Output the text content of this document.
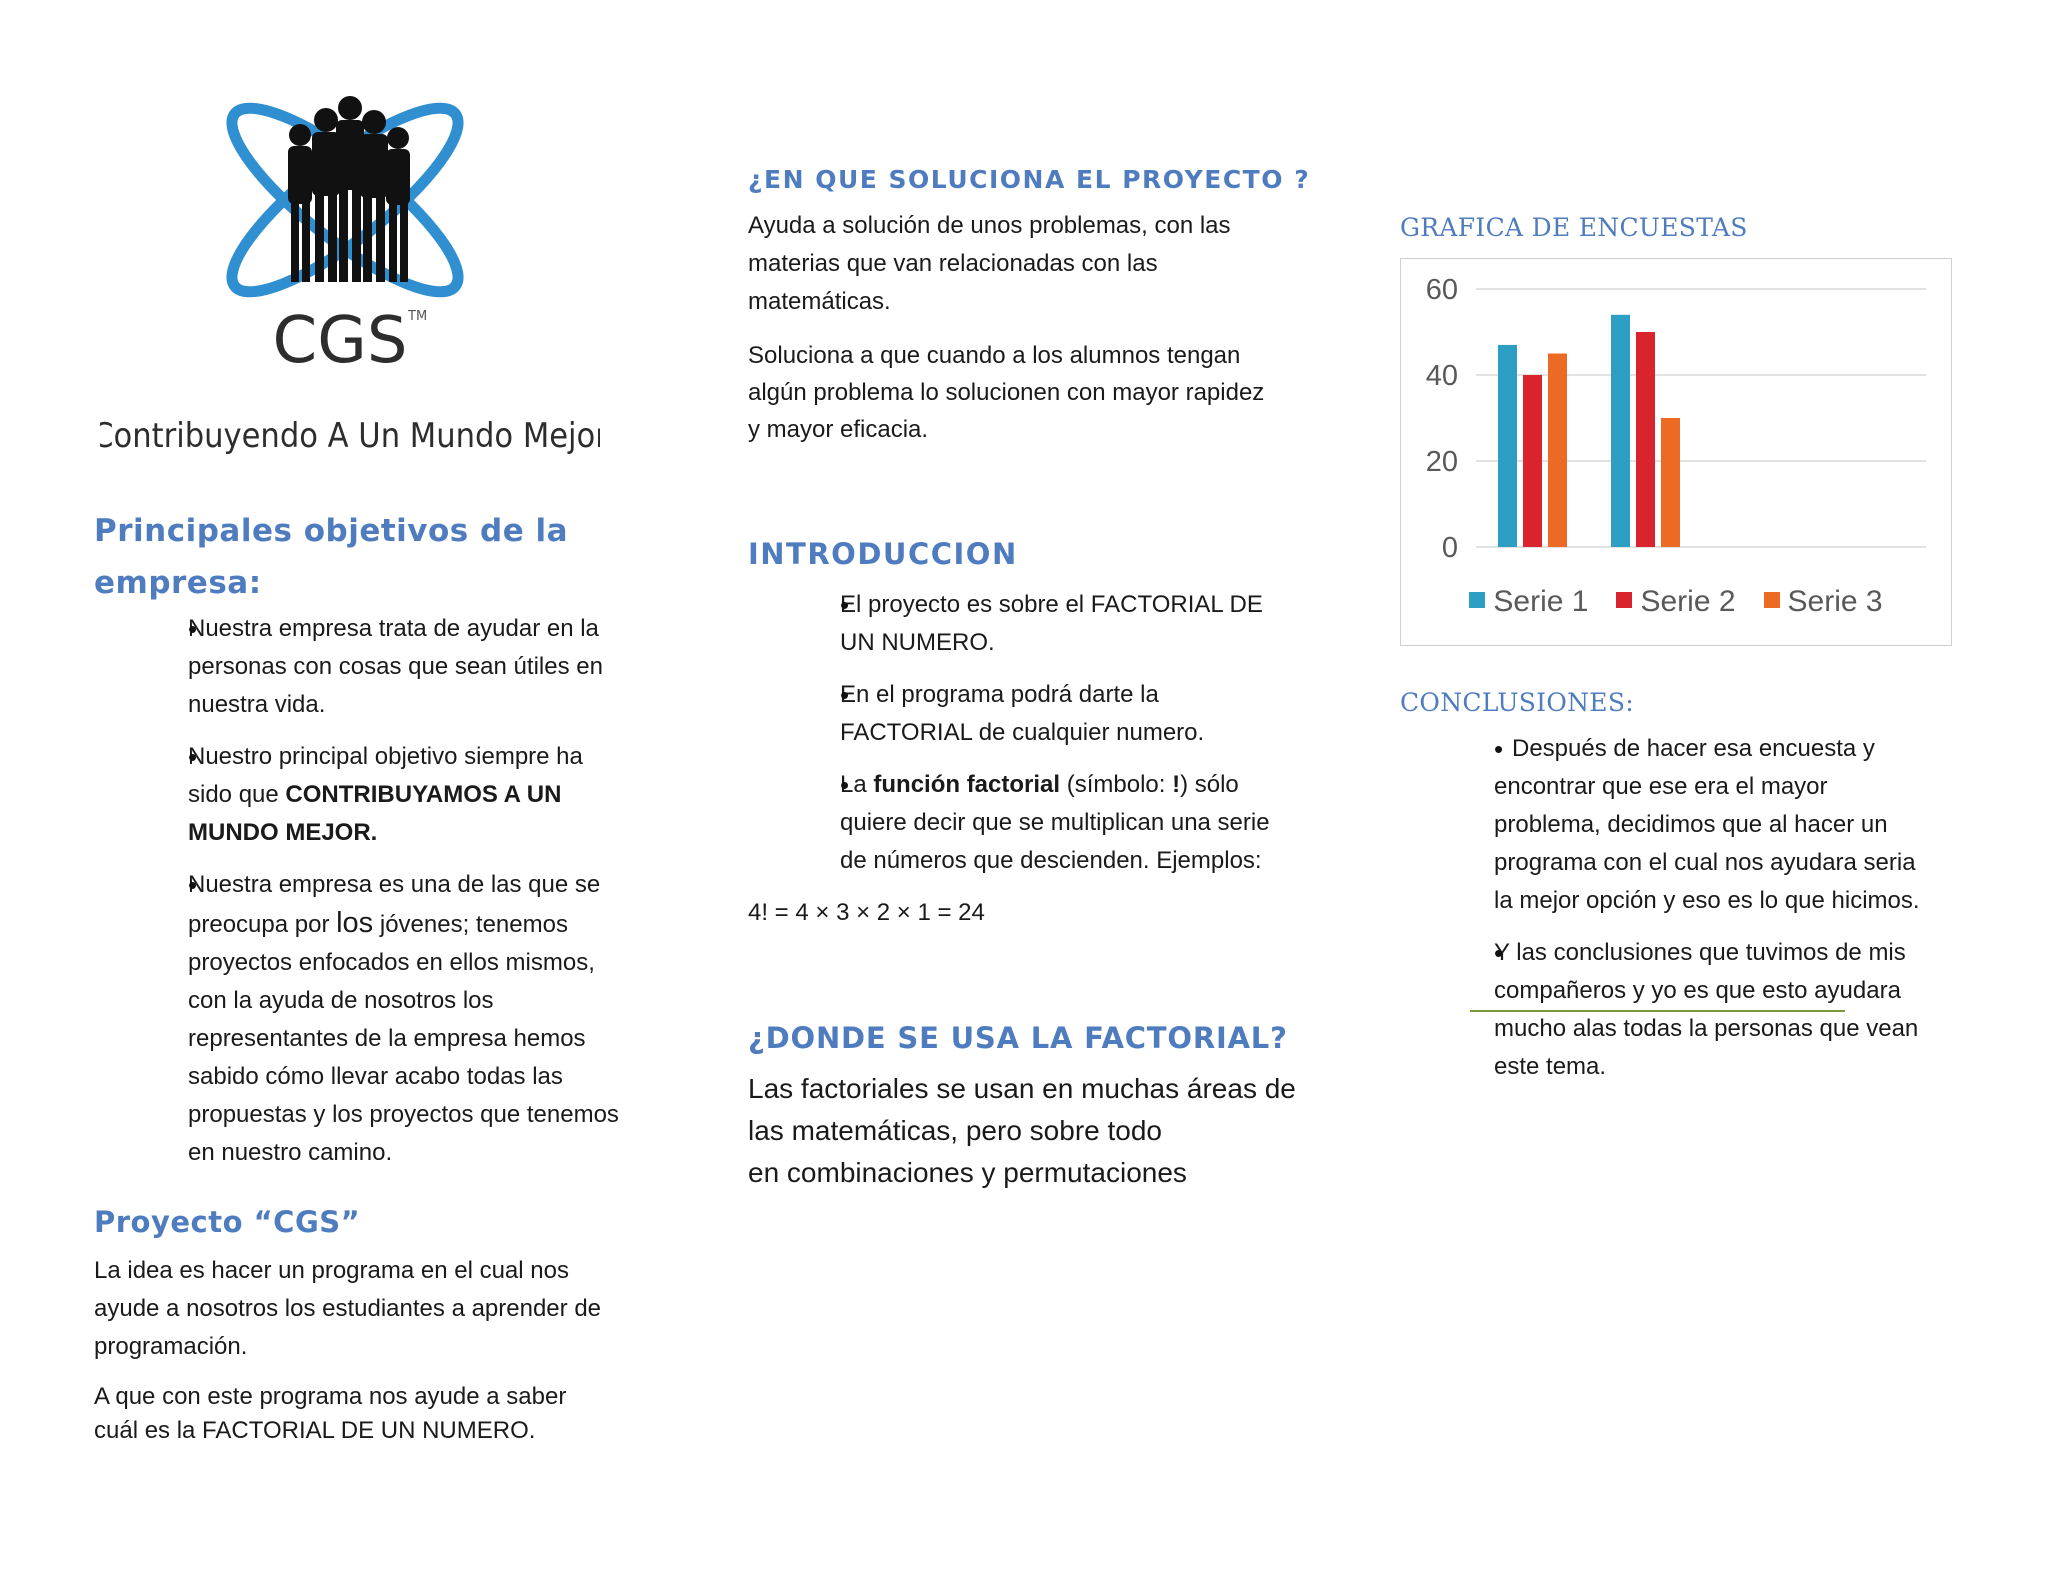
CGS TM
Contribuyendo A Un Mundo Mejor
Principales objetivos de la
empresa:
• Nuestra empresa trata de ayudar en la
personas con cosas que sean útiles en
nuestra vida.
• Nuestro principal objetivo siempre ha
sido que CONTRIBUYAMOS A UN
MUNDO MEJOR.
• Nuestra empresa es una de las que se
preocupa por los jóvenes; tenemos
proyectos enfocados en ellos mismos,
con la ayuda de nosotros los
representantes de la empresa hemos
sabido cómo llevar acabo todas las
propuestas y los proyectos que tenemos
en nuestro camino.
Proyecto “CGS”

La idea es hacer un programa en el cual nos
ayude a nosotros los estudiantes a aprender de
programación.

A que con este programa nos ayude a saber
cuál es la FACTORIAL DE UN NUMERO.

¿EN QUE SOLUCIONA EL PROYECTO ?

Ayuda a solución de unos problemas, con las
materias que van relacionadas con las
matemáticas.

Soluciona a que cuando a los alumnos tengan
algún problema lo solucionen con mayor rapidez
y mayor eficacia.

INTRODUCCION
• El proyecto es sobre el FACTORIAL DE
UN NUMERO.
• En el programa podrá darte la
FACTORIAL de cualquier numero.
• La función factorial (símbolo: !) sólo
quiere decir que se multiplican una serie
de números que descienden. Ejemplos:

4! = 4 × 3 × 2 × 1 = 24

¿DONDE SE USA LA FACTORIAL?

Las factoriales se usan en muchas áreas de
las matemáticas, pero sobre todo
en combinaciones y permutaciones

GRAFICA DE ENCUESTAS
0
20
40
60
Serie 1 Serie 2 Serie 3
CONCLUSIONES:
• Después de hacer esa encuesta y
encontrar que ese era el mayor
problema, decidimos que al hacer un
programa con el cual nos ayudara seria
la mejor opción y eso es lo que hicimos.
• Y las conclusiones que tuvimos de mis
compañeros y yo es que esto ayudara
mucho alas todas la personas que vean
este tema.
